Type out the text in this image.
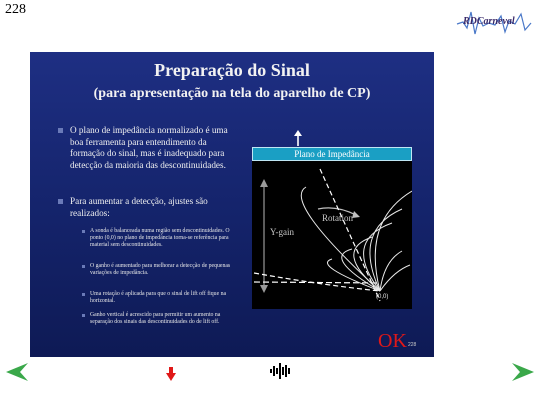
228
RDCarneval
Preparação do Sinal
(para apresentação na tela do aparelho de CP)
O plano de impedância normalizado é uma boa ferramenta para entendimento da formação do sinal, mas é inadequado para detecção da maioria das descontinuidades.
Para aumentar a detecção, ajustes são realizados:
A sonda é balanceada numa região sem descontinuidades. O ponto (0,0) no plano de impedância torna-se referência para material sem descontinuidades.
O ganho é aumentado para melhorar a detecção de pequenas variações de impedância.
Uma rotação é aplicada para que o sinal de lift off fique na horizontal.
Ganho vertical é acrescido para permitir um aumento na separação dos sinais das descontinuidades do de lift off.
Plano de Impedância
Rotation
Y-gain
(0,0)
OK 228
